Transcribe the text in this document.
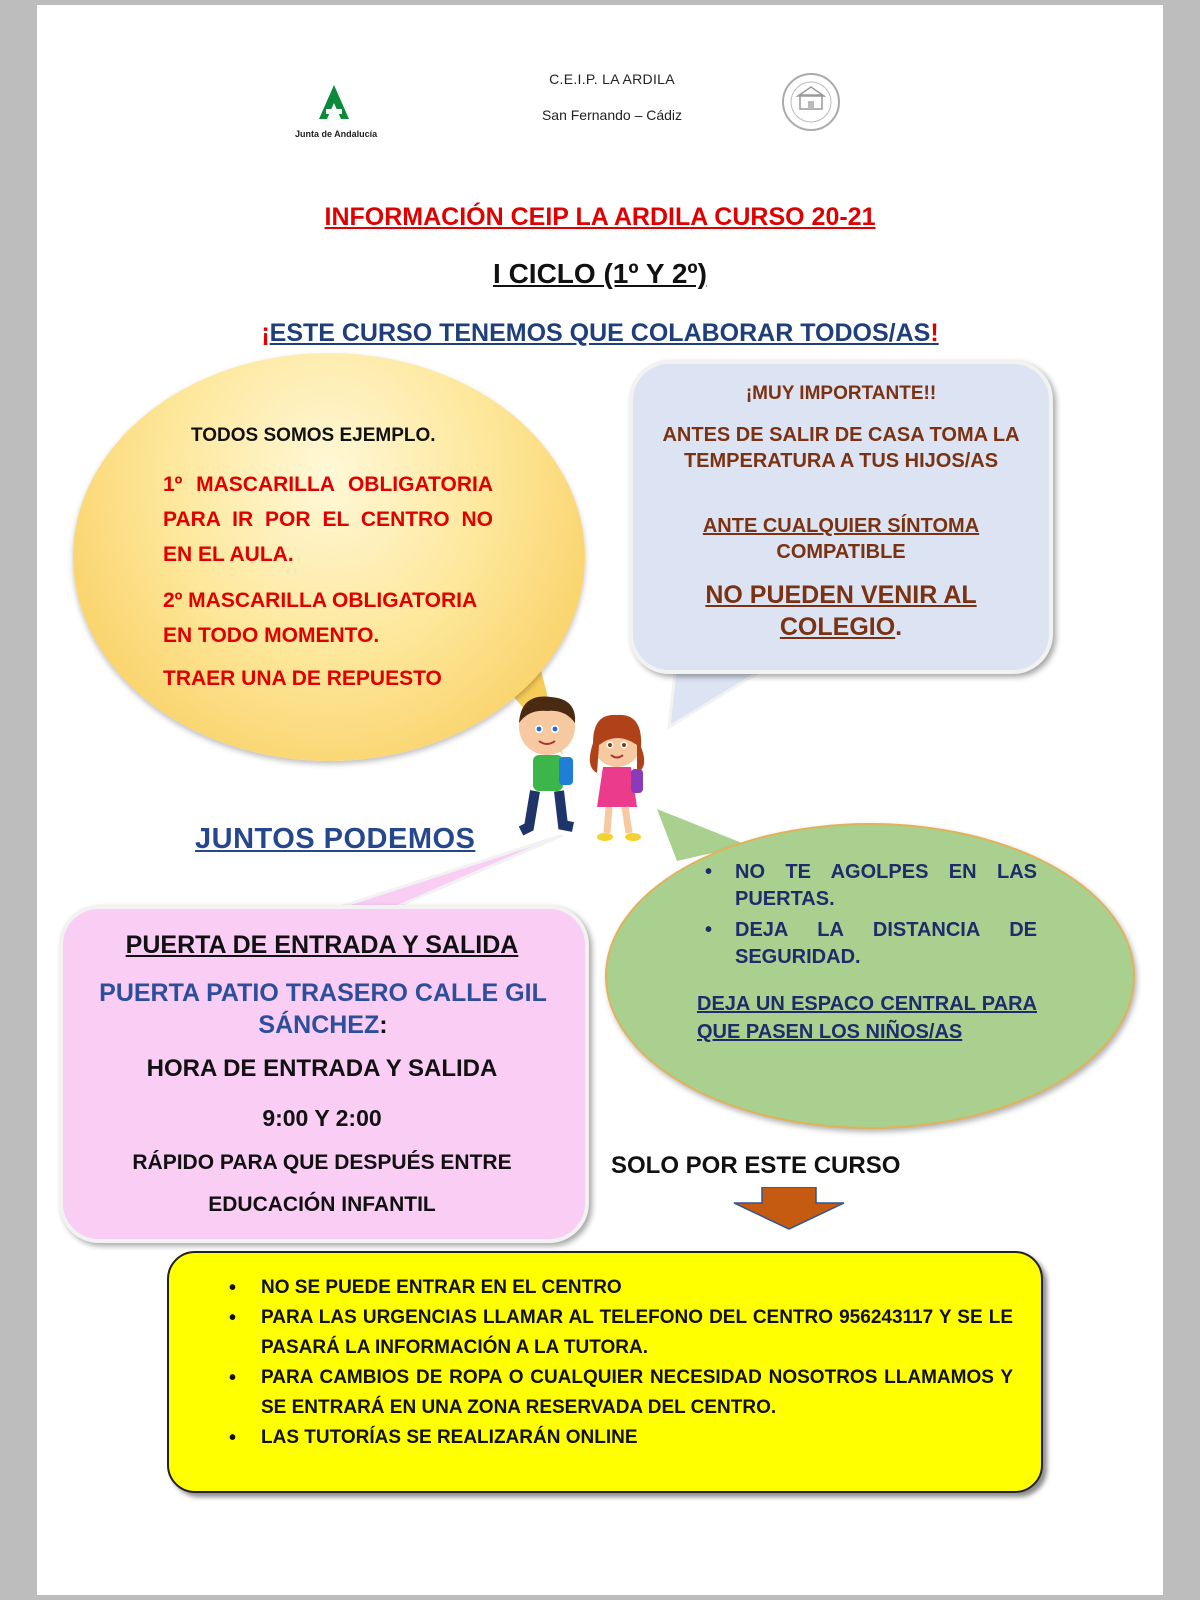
Junta de Andalucía
C.E.I.P. LA ARDILA
San Fernando – Cádiz
INFORMACIÓN CEIP LA ARDILA CURSO 20-21
I CICLO (1º Y 2º)
¡ESTE CURSO TENEMOS QUE COLABORAR TODOS/AS!
TODOS SOMOS EJEMPLO.
1º MASCARILLA OBLIGATORIA PARA IR POR EL CENTRO NO EN EL AULA.
2º MASCARILLA OBLIGATORIA EN TODO MOMENTO.
TRAER UNA DE REPUESTO
¡MUY IMPORTANTE!!
ANTES DE SALIR DE CASA TOMA LA TEMPERATURA A TUS HIJOS/AS
ANTE CUALQUIER SÍNTOMA
COMPATIBLE
NO PUEDEN VENIR AL
COLEGIO.
JUNTOS PODEMOS
PUERTA DE ENTRADA Y SALIDA
PUERTA PATIO TRASERO CALLE GIL SÁNCHEZ:
HORA DE ENTRADA Y SALIDA
9:00 Y 2:00
RÁPIDO PARA QUE DESPUÉS ENTRE
EDUCACIÓN INFANTIL
• NO TE AGOLPES EN LAS PUERTAS.
• DEJA LA DISTANCIA DE SEGURIDAD.
DEJA UN ESPACO CENTRAL PARA QUE PASEN LOS NIÑOS/AS
SOLO POR ESTE CURSO
• NO SE PUEDE ENTRAR EN EL CENTRO
• PARA LAS URGENCIAS LLAMAR AL TELEFONO DEL CENTRO 956243117 Y SE LE PASARÁ LA INFORMACIÓN A LA TUTORA.
• PARA CAMBIOS DE ROPA O CUALQUIER NECESIDAD NOSOTROS LLAMAMOS Y SE ENTRARÁ EN UNA ZONA RESERVADA DEL CENTRO.
• LAS TUTORÍAS SE REALIZARÁN ONLINE
